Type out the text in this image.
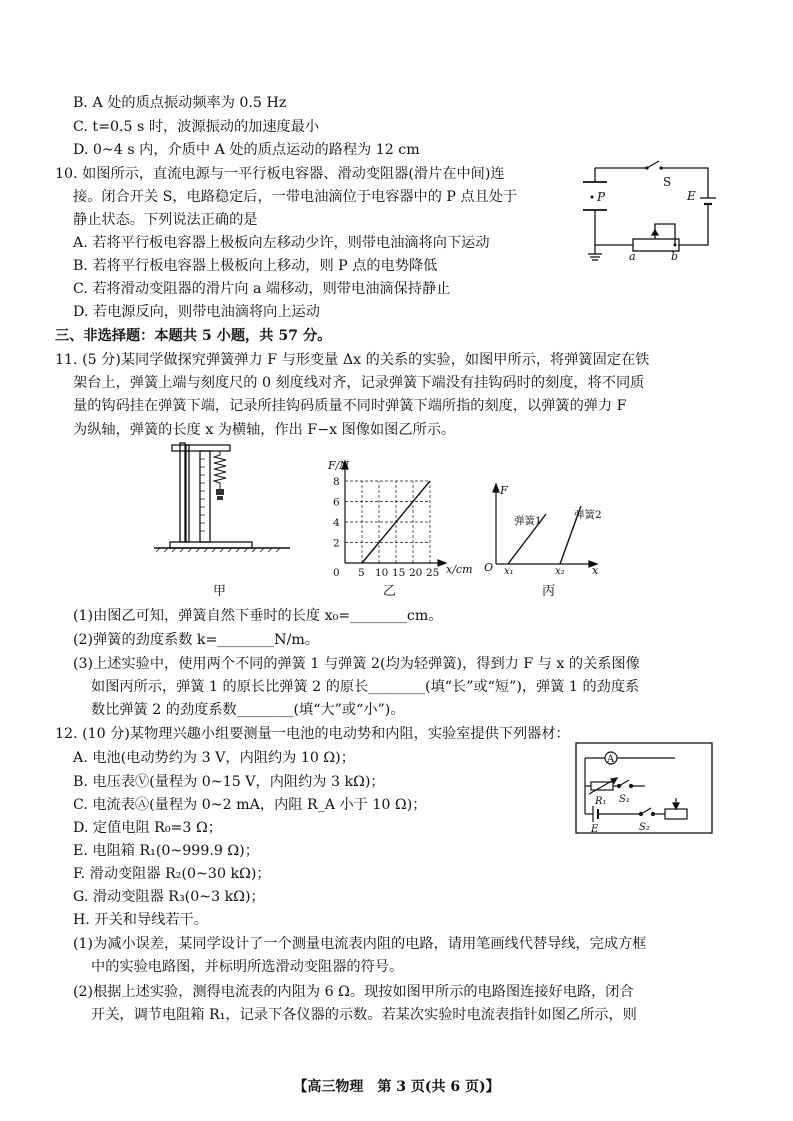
B. A 处的质点振动频率为 0.5 Hz
C. t=0.5 s 时，波源振动的加速度最小
D. 0~4 s 内，介质中 A 处的质点运动的路程为 12 cm
10. 如图所示，直流电源与一平行板电容器、滑动变阻器(滑片在中间)连
接。闭合开关 S，电路稳定后，一带电油滴位于电容器中的 P 点且处于
静止状态。下列说法正确的是
A. 若将平行板电容器上极板向左移动少许，则带电油滴将向下运动
B. 若将平行板电容器上极板向上移动，则 P 点的电势降低
C. 若将滑动变阻器的滑片向 a 端移动，则带电油滴保持静止
D. 若电源反向，则带电油滴将向上运动
三、非选择题：本题共 5 小题，共 57 分。
11. (5 分)某同学做探究弹簧弹力 F 与形变量 Δx 的关系的实验，如图甲所示，将弹簧固定在铁
架台上，弹簧上端与刻度尺的 0 刻度线对齐，记录弹簧下端没有挂钩码时的刻度，将不同质
量的钩码挂在弹簧下端，记录所挂钩码质量不同时弹簧下端所指的刻度，以弹簧的弹力 F
为纵轴，弹簧的长度 x 为横轴，作出 F−x 图像如图乙所示。
(1)由图乙可知，弹簧自然下垂时的长度 x₀=________cm。
(2)弹簧的劲度系数 k=________N/m。
(3)上述实验中，使用两个不同的弹簧 1 与弹簧 2(均为轻弹簧)，得到力 F 与 x 的关系图像
如图丙所示，弹簧 1 的原长比弹簧 2 的原长________(填“长”或“短”)，弹簧 1 的劲度系
数比弹簧 2 的劲度系数________(填“大”或“小”)。
12. (10 分)某物理兴趣小组要测量一电池的电动势和内阻，实验室提供下列器材：
A. 电池(电动势约为 3 V，内阻约为 10 Ω)；
B. 电压表Ⓥ(量程为 0~15 V，内阻约为 3 kΩ)；
C. 电流表Ⓐ(量程为 0~2 mA，内阻 R_A 小于 10 Ω)；
D. 定值电阻 R₀=3 Ω；
E. 电阻箱 R₁(0~999.9 Ω)；
F. 滑动变阻器 R₂(0~30 kΩ)；
G. 滑动变阻器 R₃(0~3 kΩ)；
H. 开关和导线若干。
(1)为减小误差，某同学设计了一个测量电流表内阻的电路，请用笔画线代替导线，完成方框
中的实验电路图，并标明所选滑动变阻器的符号。
(2)根据上述实验，测得电流表的内阻为 6 Ω。现按如图甲所示的电路图连接好电路，闭合
开关，调节电阻箱 R₁，记录下各仪器的示数。若某次实验时电流表指针如图乙所示，则
【高三物理　第 3 页(共 6 页)】
S
P	E
a	b
甲
8
6
4
2
0 5 10 15 20 25
F/N
x/cm
乙
F
x
O x₁	x₂
弹簧1	弹簧2
丙
A
R₁ S₁
E	S₂
